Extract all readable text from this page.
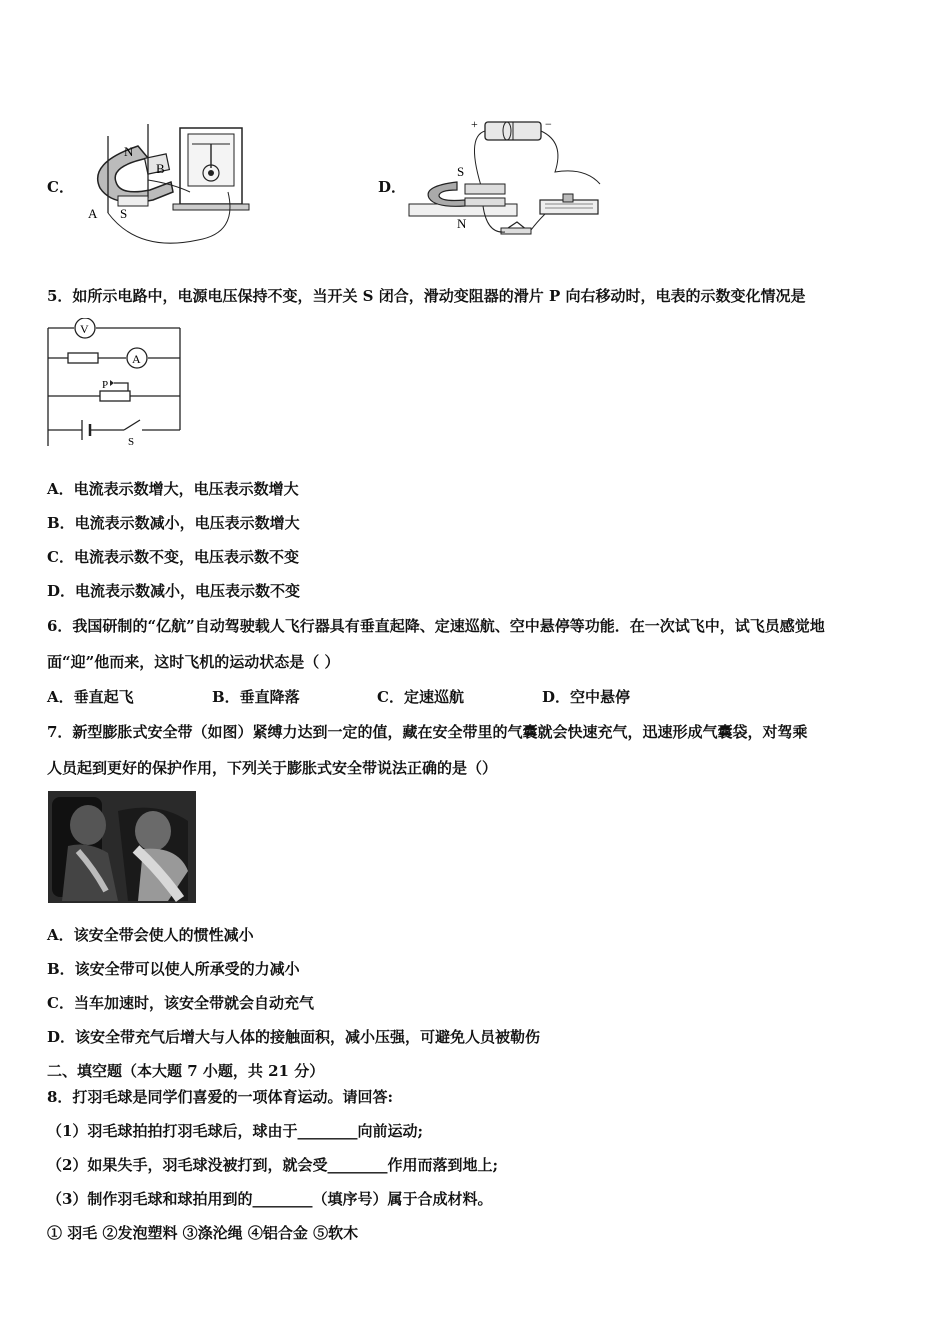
C．
N
B
A S
D．
+	−
S
N
5．如所示电路中，电源电压保持不变，当开关 S 闭合，滑动变阻器的滑片 P 向右移动时，电表的示数变化情况是
V
A
P
S
A．电流表示数增大，电压表示数增大
B．电流表示数减小，电压表示数增大
C．电流表示数不变，电压表示数不变
D．电流表示数减小，电压表示数不变
6．我国研制的“亿航”自动驾驶载人飞行器具有垂直起降、定速巡航、空中悬停等功能．在一次试飞中，试飞员感觉地
面“迎”他而来，这时飞机的运动状态是（ ）
A．垂直起飞	B．垂直降落	C．定速巡航	D．空中悬停
7．新型膨胀式安全带（如图）紧缚力达到一定的值，藏在安全带里的气囊就会快速充气，迅速形成气囊袋，对驾乘
人员起到更好的保护作用，下列关于膨胀式安全带说法正确的是（）
A．该安全带会使人的惯性减小
B．该安全带可以使人所承受的力减小
C．当车加速时，该安全带就会自动充气
D．该安全带充气后增大与人体的接触面积，减小压强，可避免人员被勒伤
二、填空题（本大题 7 小题，共 21 分）
8．打羽毛球是同学们喜爱的一项体育运动。请回答:
（1）羽毛球拍拍打羽毛球后，球由于________向前运动;
（2）如果失手，羽毛球没被打到，就会受________作用而落到地上;
（3）制作羽毛球和球拍用到的________（填序号）属于合成材料。
① 羽毛 ②发泡塑料 ③涤沦绳 ④铝合金 ⑤软木
